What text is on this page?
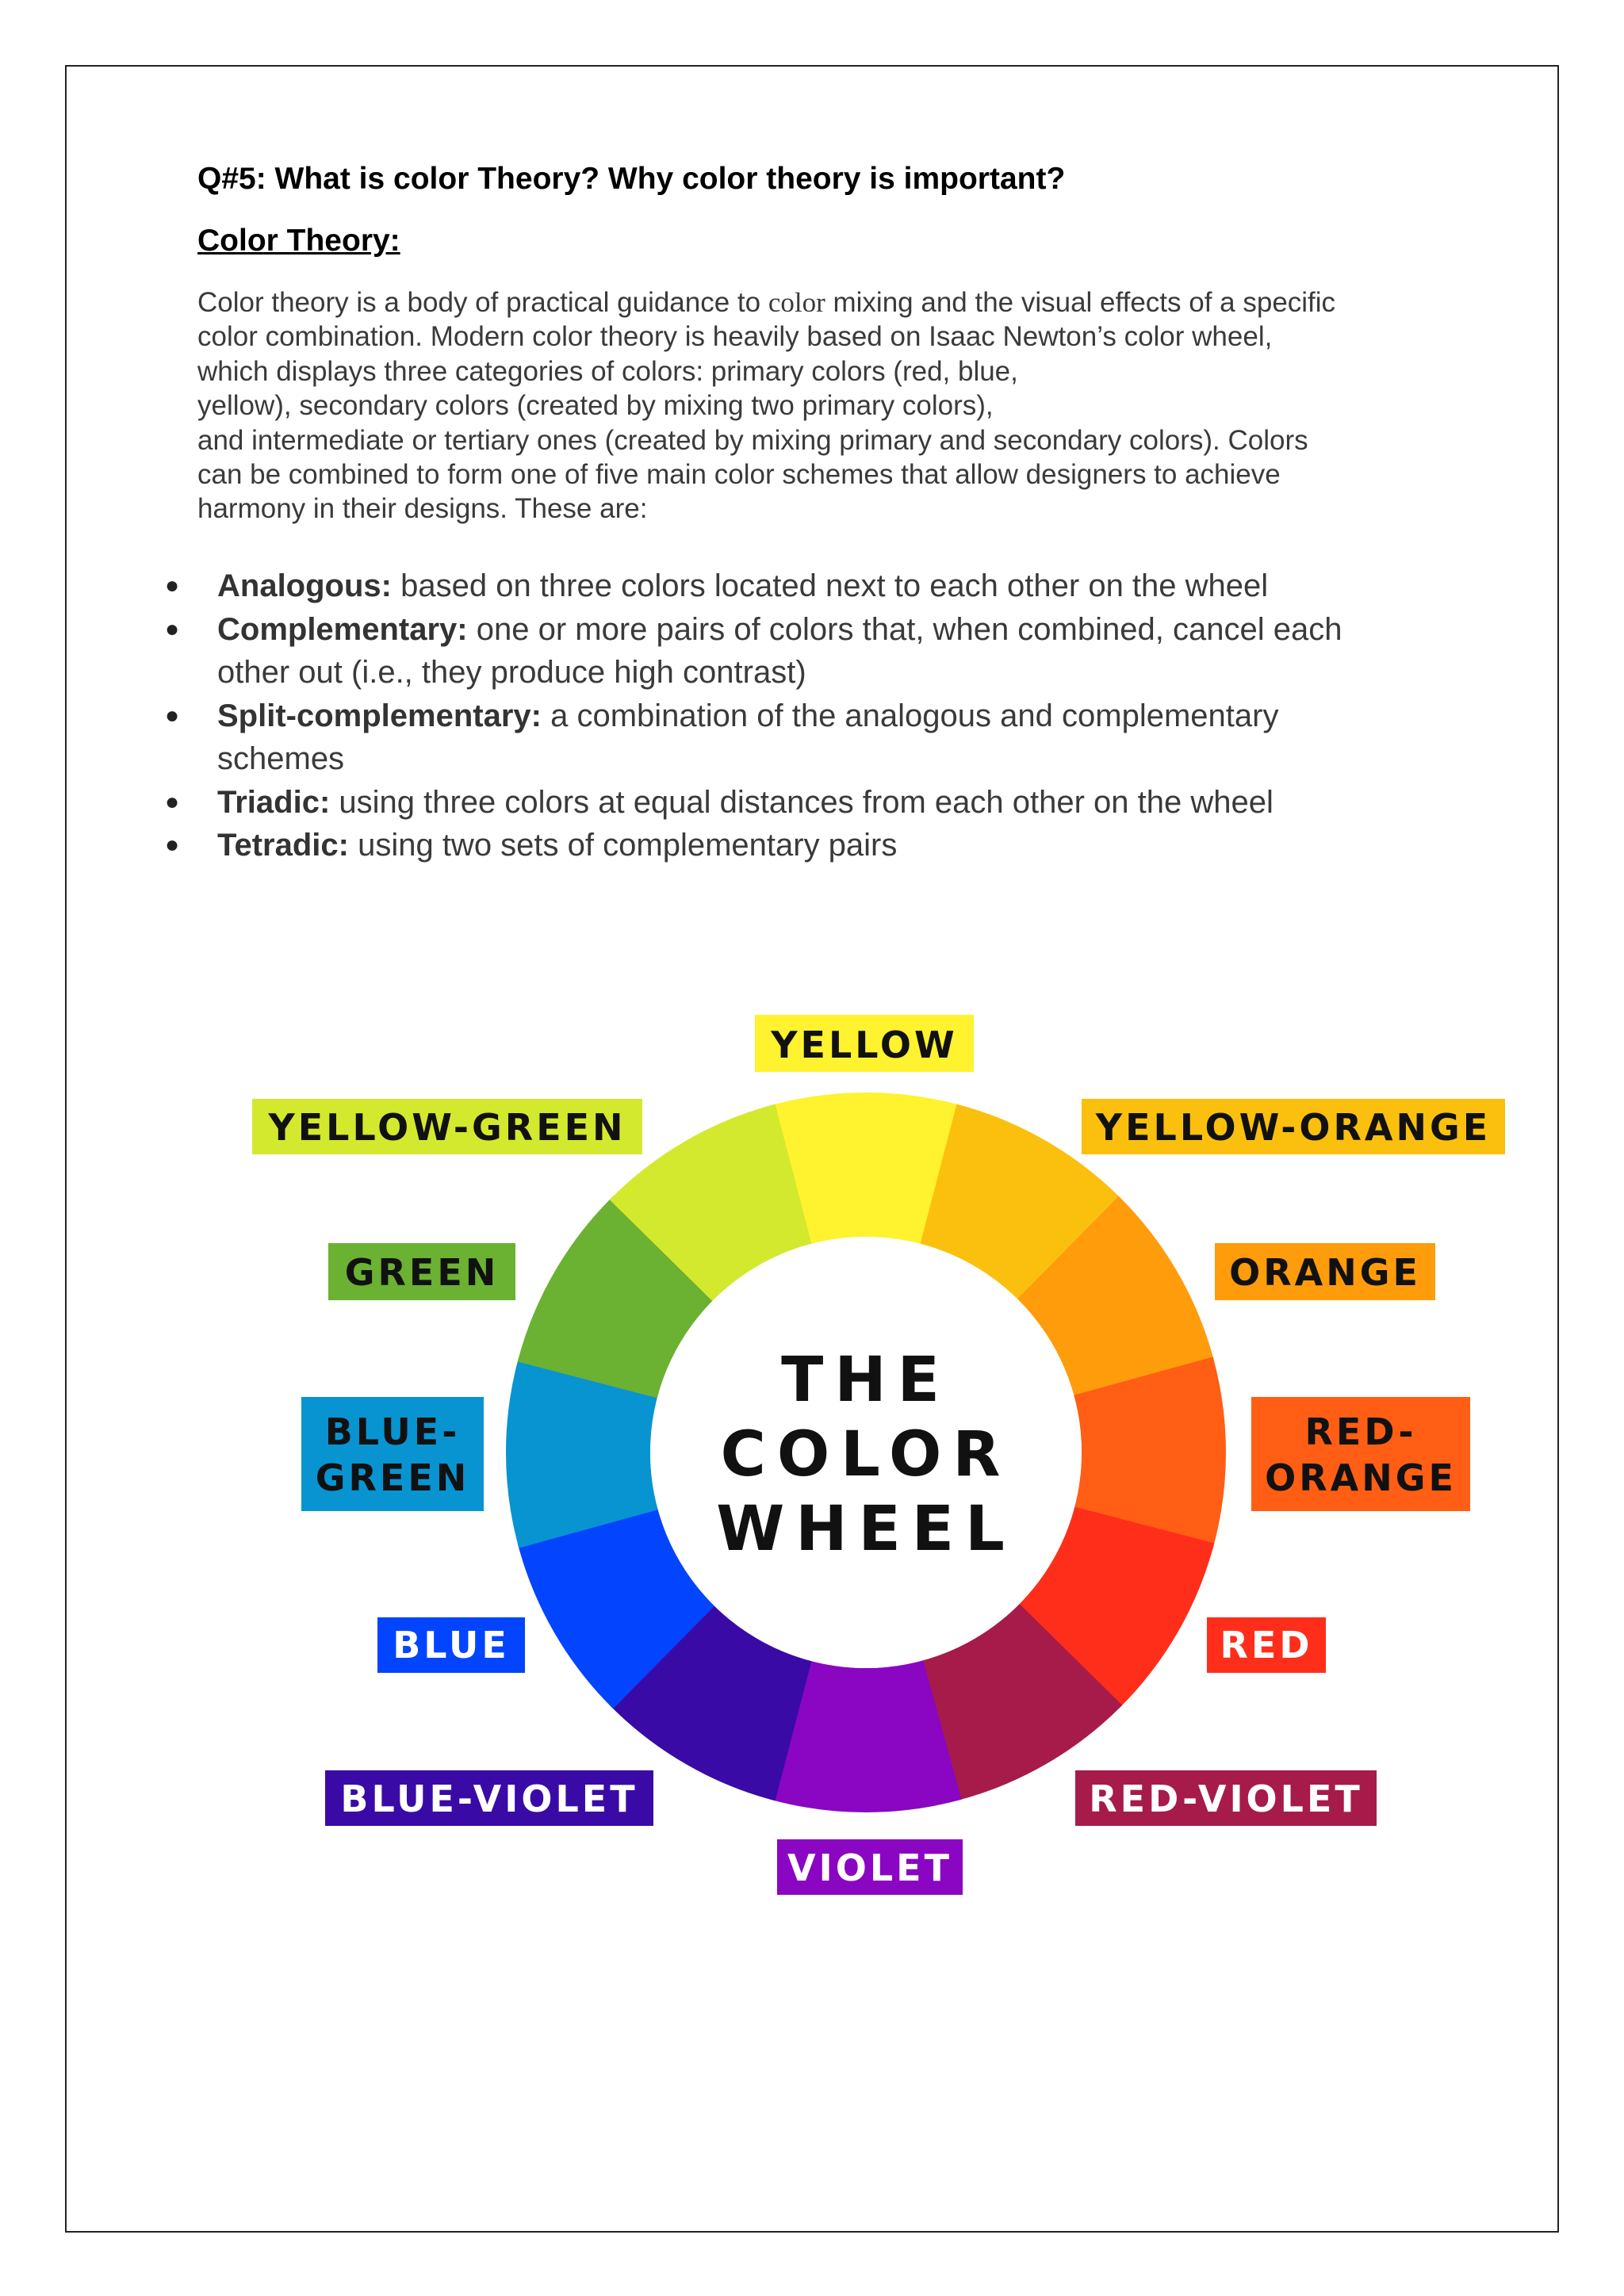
Q#5: What is color Theory? Why color theory is important?
Color Theory:

Color theory is a body of practical guidance to color mixing and the visual effects of a specific
color combination. Modern color theory is heavily based on Isaac Newton’s color wheel,
which displays three categories of colors: primary colors (red, blue,
yellow), secondary colors (created by mixing two primary colors),
and intermediate or tertiary ones (created by mixing primary and secondary colors). Colors
can be combined to form one of five main color schemes that allow designers to achieve
harmony in their designs. These are:

● Analogous: based on three colors located next to each other on the wheel
● Complementary: one or more pairs of colors that, when combined, cancel each
other out (i.e., they produce high contrast)
● Split-complementary: a combination of the analogous and complementary
schemes
● Triadic: using three colors at equal distances from each other on the wheel
● Tetradic: using two sets of complementary pairs
THE
COLOR
WHEEL
YELLOW
YELLOW-ORANGE
ORANGE
RED-
ORANGE
RED
RED-VIOLET
VIOLET
BLUE-VIOLET
BLUE
BLUE-
GREEN
GREEN
YELLOW-GREEN
